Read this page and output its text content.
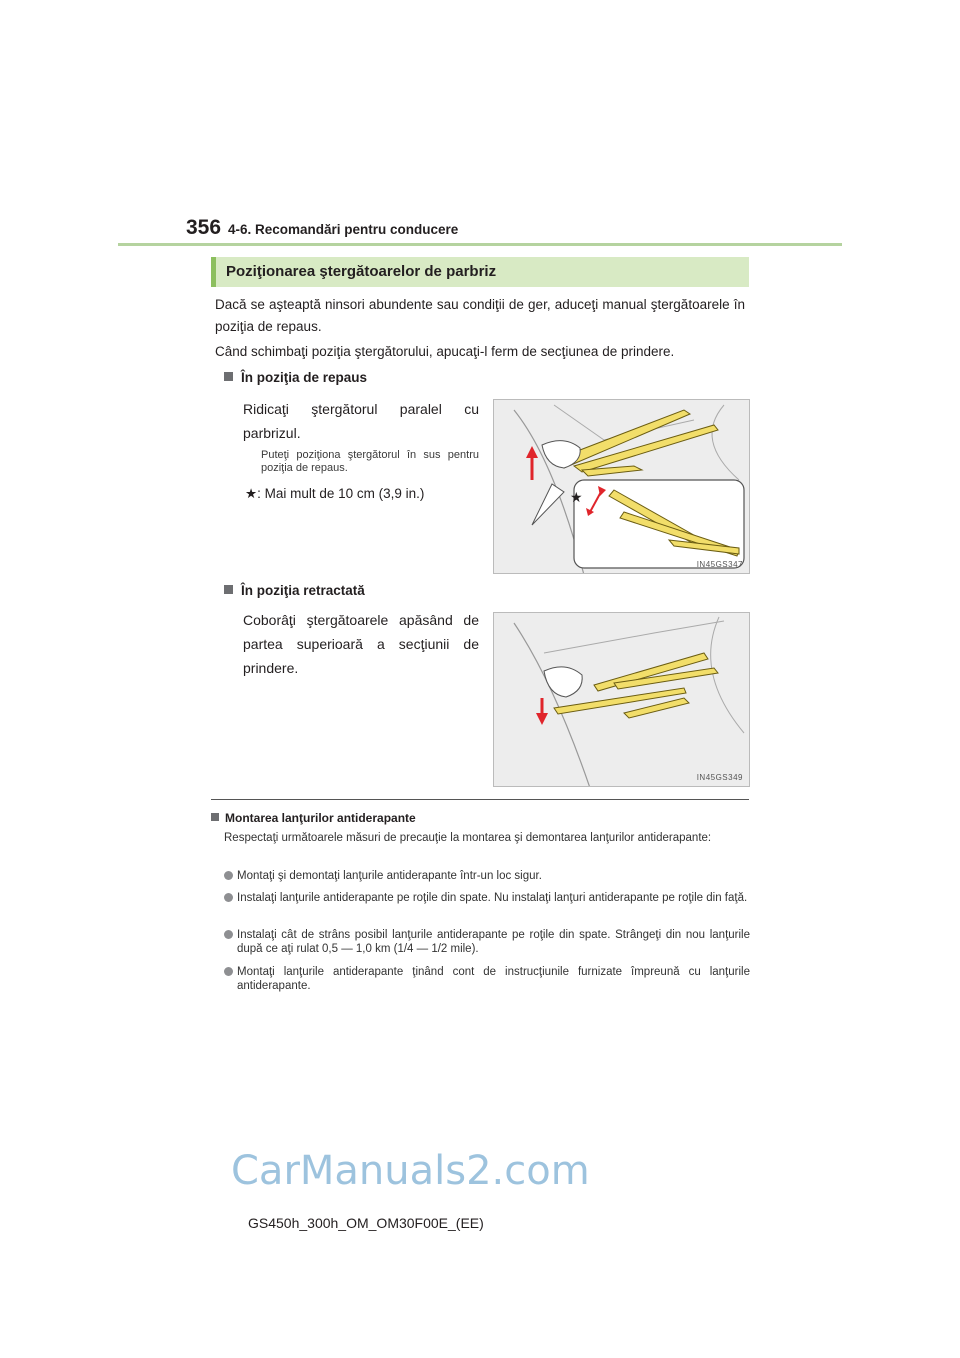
356 4-6. Recomandări pentru conducere
Poziţionarea ştergătoarelor de parbriz
Dacă se aşteaptă ninsori abundente sau condiţii de ger, aduceţi manual ştergătoarele în poziţia de repaus.
Când schimbaţi poziţia ştergătorului, apucaţi-l ferm de secţiunea de prindere.
În poziţia de repaus
Ridicaţi ştergătorul paralel cu parbrizul.
Puteţi poziţiona ştergătorul în sus pentru poziţia de repaus.
★: Mai mult de 10 cm (3,9 in.)	★
IN45GS347
În poziţia retractată
Coborâţi ştergătoarele apăsând de partea superioară a secţiunii de prindere.
IN45GS349
Montarea lanţurilor antiderapante
Respectaţi următoarele măsuri de precauţie la montarea şi demontarea lanţurilor antiderapante:
Montaţi şi demontaţi lanţurile antiderapante într-un loc sigur.
Instalaţi lanţurile antiderapante pe roţile din spate. Nu instalaţi lanţuri antiderapante pe roţile din faţă.
Instalaţi cât de strâns posibil lanţurile antiderapante pe roţile din spate. Strângeţi din nou lanţurile după ce aţi rulat 0,5 — 1,0 km (1/4 — 1/2 mile).
Montaţi lanţurile antiderapante ţinând cont de instrucţiunile furnizate împreună cu lanţurile antiderapante.
CarManuals2.com
GS450h_300h_OM_OM30F00E_(EE)
